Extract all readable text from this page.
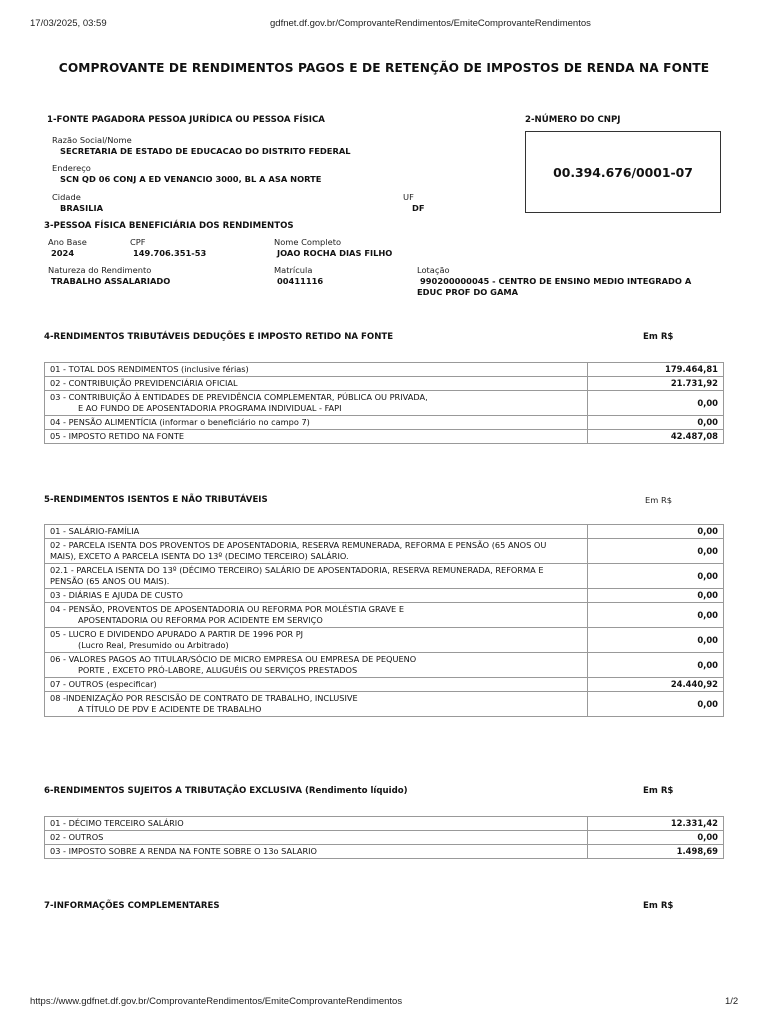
17/03/2025, 03:59	gdfnet.df.gov.br/ComprovanteRendimentos/EmiteComprovanteRendimentos
COMPROVANTE DE RENDIMENTOS PAGOS E DE RETENÇÃO DE IMPOSTOS DE RENDA NA FONTE
1-FONTE PAGADORA PESSOA JURÍDICA OU PESSOA FÍSICA
Razão Social/Nome
SECRETARIA DE ESTADO DE EDUCACAO DO DISTRITO FEDERAL
Endereço
SCN QD 06 CONJ A ED VENANCIO 3000, BL A ASA NORTE
Cidade
BRASILIA
UF
DF
2-NÚMERO DO CNPJ
00.394.676/0001-07
3-PESSOA FÍSICA BENEFICIÁRIA DOS RENDIMENTOS
Ano Base
2024
CPF
149.706.351-53
Nome Completo
JOAO ROCHA DIAS FILHO
Natureza do Rendimento
TRABALHO ASSALARIADO
Matrícula
00411116
Lotação
990200000045 - CENTRO DE ENSINO MEDIO INTEGRADO A
EDUC PROF DO GAMA
4-RENDIMENTOS TRIBUTÁVEIS DEDUÇÕES E IMPOSTO RETIDO NA FONTE	Em R$
01 - TOTAL DOS RENDIMENTOS (inclusive férias)	179.464,81
02 - CONTRIBUIÇÃO PREVIDENCIÁRIA OFICIAL	21.731,92
03 - CONTRIBUIÇÃO À ENTIDADES DE PREVIDÊNCIA COMPLEMENTAR, PÚBLICA OU PRIVADA,
E AO FUNDO DE APOSENTADORIA PROGRAMA INDIVIDUAL - FAPI	0,00
04 - PENSÃO ALIMENTÍCIA (informar o beneficiário no campo 7)	0,00
05 - IMPOSTO RETIDO NA FONTE	42.487,08
5-RENDIMENTOS ISENTOS E NÃO TRIBUTÁVEIS	Em R$
01 - SALÁRIO-FAMÍLIA	0,00
02 - PARCELA ISENTA DOS PROVENTOS DE APOSENTADORIA, RESERVA REMUNERADA, REFORMA E PENSÃO (65 ANOS OU
MAIS), EXCETO A PARCELA ISENTA DO 13º (DECIMO TERCEIRO) SALÁRIO.	0,00
02.1 - PARCELA ISENTA DO 13º (DÉCIMO TERCEIRO) SALÁRIO DE APOSENTADORIA, RESERVA REMUNERADA, REFORMA E
PENSÃO (65 ANOS OU MAIS).	0,00
03 - DIÁRIAS E AJUDA DE CUSTO	0,00
04 - PENSÃO, PROVENTOS DE APOSENTADORIA OU REFORMA POR MOLÉSTIA GRAVE E
APOSENTADORIA OU REFORMA POR ACIDENTE EM SERVIÇO	0,00
05 - LUCRO E DIVIDENDO APURADO A PARTIR DE 1996 POR PJ
(Lucro Real, Presumido ou Arbitrado)	0,00
06 - VALORES PAGOS AO TITULAR/SÓCIO DE MICRO EMPRESA OU EMPRESA DE PEQUENO
PORTE , EXCETO PRÓ-LABORE, ALUGUÉIS OU SERVIÇOS PRESTADOS	0,00
07 - OUTROS (especificar)	24.440,92
08 -INDENIZAÇÃO POR RESCISÃO DE CONTRATO DE TRABALHO, INCLUSIVE
A TÍTULO DE PDV E ACIDENTE DE TRABALHO	0,00
6-RENDIMENTOS SUJEITOS A TRIBUTAÇÃO EXCLUSIVA (Rendimento líquido)	Em R$
01 - DÉCIMO TERCEIRO SALÁRIO	12.331,42
02 - OUTROS	0,00
03 - IMPOSTO SOBRE A RENDA NA FONTE SOBRE O 13o SALARIO	1.498,69
7-INFORMAÇÕES COMPLEMENTARES	Em R$
https://www.gdfnet.df.gov.br/ComprovanteRendimentos/EmiteComprovanteRendimentos	1/2
